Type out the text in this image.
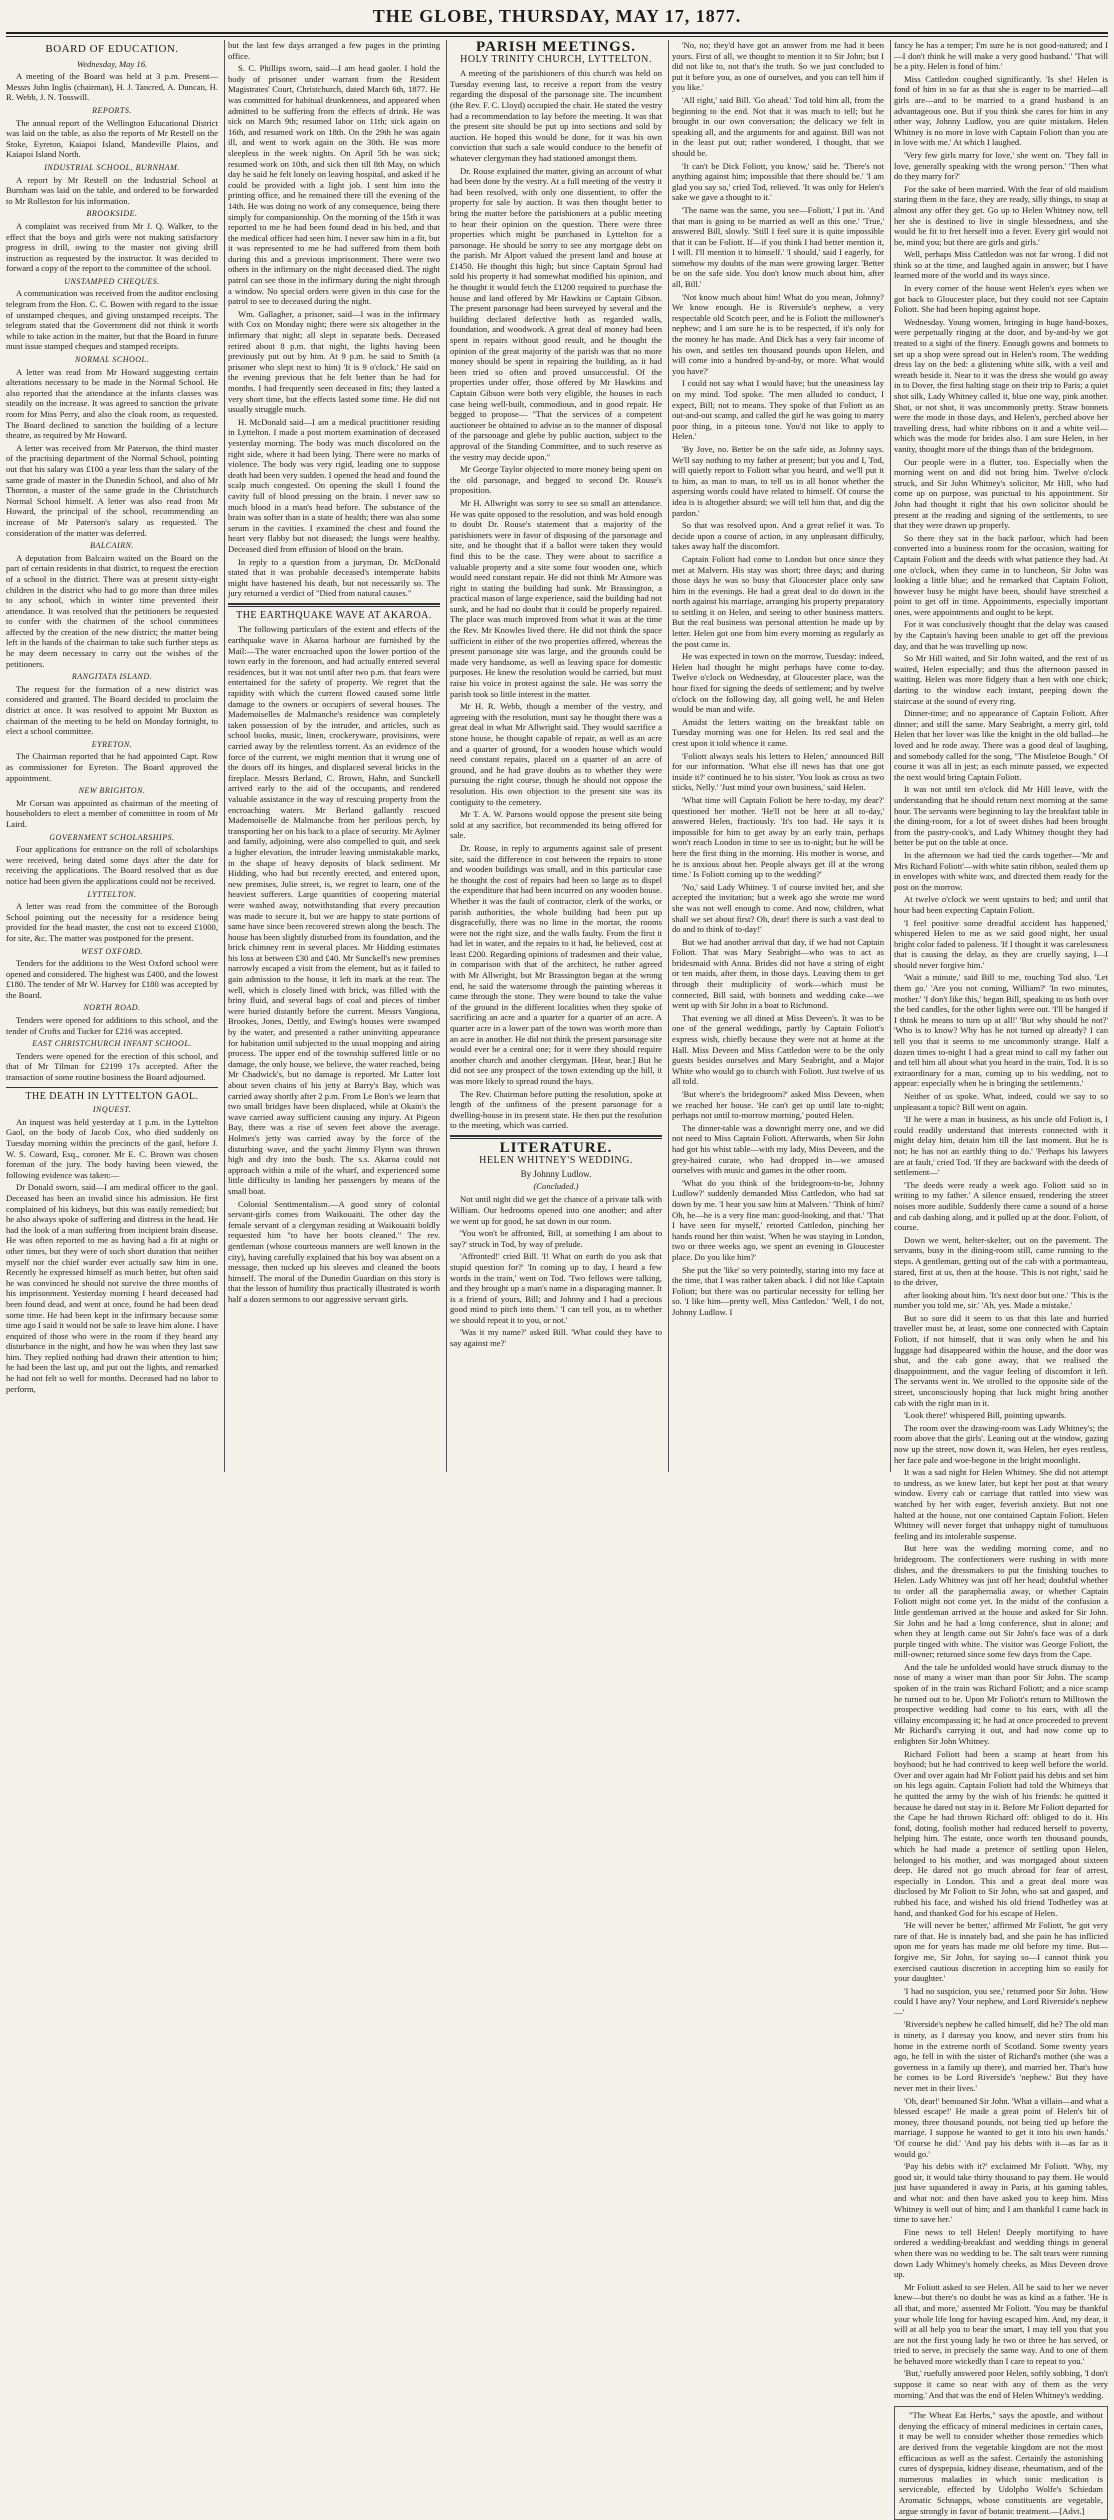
THE GLOBE, THURSDAY, MAY 17, 1877.
BOARD OF EDUCATION.
Wednesday, May 16.

A meeting of the Board was held at 3 p.m. Present—Messrs John Inglis (chairman), H. J. Tancred, A. Duncan, H. R. Webb, J. N. Tosswill.

REPORTS.

The annual report of the Wellington Educational District was laid on the table, as also the reports of Mr Restell on the Stoke, Eyreton, Kaiapoi Island, Mandeville Plains, and Kaiapoi Island North.

INDUSTRIAL SCHOOL, BURNHAM.

A report by Mr Restell on the Industrial School at Burnham was laid on the table, and ordered to be forwarded to Mr Rolleston for his information.

BROOKSIDE.

A complaint was received from Mr J. Q. Walker, to the effect that the boys and girls were not making satisfactory progress in drill, owing to the master not giving drill instruction as requested by the instructor. It was decided to forward a copy of the report to the committee of the school.

UNSTAMPED CHEQUES.

A communication was received from the auditor enclosing telegram from the Hon. C. C. Bowen with regard to the issue of unstamped cheques, and giving unstamped receipts. The telegram stated that the Government did not think it worth while to take action in the matter, but that the Board in future must issue stamped cheques and stamped receipts.

NORMAL SCHOOL.

A letter was read from Mr Howard suggesting certain alterations necessary to be made in the Normal School. He also reported that the attendance at the infants classes was steadily on the increase. It was agreed to sanction the private room for Miss Perry, and also the cloak room, as requested. The Board declined to sanction the building of a lecture theatre, as required by Mr Howard.

A letter was received from Mr Paterson, the third master of the practising department of the Normal School, pointing out that his salary was £100 a year less than the salary of the same grade of master in the Dunedin School, and also of Mr Thornton, a master of the same grade in the Christchurch Normal School himself. A letter was also read from Mr Howard, the principal of the school, recommending an increase of Mr Paterson's salary as requested. The consideration of the matter was deferred.

BALCAIRN.

A deputation from Balcairn waited on the Board on the part of certain residents in that district, to request the erection of a school in the district. There was at present sixty-eight children in the district who had to go more than three miles to any school, which in winter time prevented their attendance. It was resolved that the petitioners be requested to confer with the chairmen of the school committees affected by the creation of the new district; the matter being left in the hands of the chairman to take such further steps as he may deem necessary to carry out the wishes of the petitioners.

RANGITATA ISLAND.

The request for the formation of a new district was considered and granted. The Board decided to proclaim the district at once. It was resolved to appoint Mr Buxton as chairman of the meeting to be held on Monday fortnight, to elect a school committee.

EYRETON.

The Chairman reported that he had appointed Capt. Row as commissioner for Eyreton. The Board approved the appointment.

NEW BRIGHTON.

Mr Corsan was appointed as chairman of the meeting of householders to elect a member of committee in room of Mr Laird.

GOVERNMENT SCHOLARSHIPS.

Four applications for entrance on the roll of scholarships were received, being dated some days after the date for receiving the applications. The Board resolved that as due notice had been given the applications could not be received.

LYTTELTON.

A letter was read from the committee of the Borough School pointing out the necessity for a residence being provided for the head master, the cost not to exceed £1000, for site, &c. The matter was postponed for the present.

WEST OXFORD.

Tenders for the additions to the West Oxford school were opened and considered. The highest was £400, and the lowest £180. The tender of Mr W. Harvey for £180 was accepted by the Board.

NORTH ROAD.

Tenders were opened for additions to this school, and the tender of Crofts and Tucker for £216 was accepted.

EAST CHRISTCHURCH INFANT SCHOOL.

Tenders were opened for the erection of this school, and that of Mr Tilman for £2199 17s accepted. After the transaction of some routine business the Board adjourned.

THE DEATH IN LYTTELTON GAOL.
INQUEST.

An inquest was held yesterday at 1 p.m. in the Lyttelton Gaol, on the body of Jacob Cox, who died suddenly on Tuesday morning within the precincts of the gaol, before J. W. S. Coward, Esq., coroner. Mr E. C. Brown was chosen foreman of the jury. The body having been viewed, the following evidence was taken:—

Dr Donald sworn, said—I am medical officer to the gaol. Deceased has been an invalid since his admission. He first complained of his kidneys, but this was easily remedied; but he also always spoke of suffering and distress in the head. He had the look of a man suffering from incipient brain disease. He was often reported to me as having had a fit at night or other times, but they were of such short duration that neither myself nor the chief warder ever actually saw him in one. Recently he expressed himself as much better, but often said he was convinced he should not survive the three months of his imprisonment. Yesterday morning I heard deceased had been found dead, and went at once, found he had been dead some time. He had been kept in the infirmary because some time ago I said it would not be safe to leave him alone. I have enquired of those who were in the room if they heard any disturbance in the night, and how he was when they last saw him. They replied nothing had drawn their attention to him; he had been the last up, and put out the lights, and remarked he had not felt so well for months. Deceased had no labor to perform,

but the last few days arranged a few pages in the printing office.

S. C. Phillips sworn, said—I am head gaoler. I hold the body of prisoner under warrant from the Resident Magistrates' Court, Christchurch, dated March 6th, 1877. He was committed for habitual drunkenness, and appeared when admitted to be suffering from the effects of drink. He was sick on March 9th; resumed labor on 11th; sick again on 16th, and resumed work on 18th. On the 29th he was again ill, and went to work again on the 30th. He was more sleepless in the week nights. On April 5th he was sick; resumed work on 10th, and sick then till 8th May, on which day he said he felt lonely on leaving hospital, and asked if he could be provided with a light job. I sent him into the printing office, and he remained there till the evening of the 14th. He was doing no work of any consequence, being there simply for companionship. On the morning of the 15th it was reported to me he had been found dead in his bed, and that the medical officer had seen him. I never saw him in a fit, but it was represented to me he had suffered from them both during this and a previous imprisonment. There were two others in the infirmary on the night deceased died. The night patrol can see those in the infirmary during the night through a window. No special orders were given in this case for the patrol to see to deceased during the night.

Wm. Gallagher, a prisoner, said—I was in the infirmary with Cox on Monday night; there were six altogether in the infirmary that night; all slept in separate beds. Deceased retired about 8 p.m. that night, the lights having been previously put out by him. At 9 p.m. he said to Smith (a prisoner who slept next to him) 'It is 9 o'clock.' He said on the evening previous that he felt better than he had for months. I had frequently seen deceased in fits; they lasted a very short time, but the effects lasted some time. He did not usually struggle much.

H. McDonald said—I am a medical practitioner residing in Lyttelton. I made a post mortem examination of deceased yesterday morning. The body was much discolored on the right side, where it had been lying. There were no marks of violence. The body was very rigid, leading one to suppose death had been very sudden. I opened the head and found the scalp much congested. On opening the skull I found the cavity full of blood pressing on the brain. I never saw so much blood in a man's head before. The substance of the brain was softer than in a state of health; there was also some serum in the cavities. I examined the chest and found the heart very flabby but not diseased; the lungs were healthy. Deceased died from effusion of blood on the brain.

In reply to a question from a juryman, Dr. McDonald stated that it was probable deceased's intemperate habits might have hastened his death, but not necessarily so. The jury returned a verdict of "Died from natural causes."

THE EARTHQUAKE WAVE AT AKAROA.

The following particulars of the extent and effects of the earthquake wave in Akaroa harbour are furnished by the Mail:—The water encroached upon the lower portion of the town early in the forenoon, and had actually entered several residences, but it was not until after two p.m. that fears were entertained for the safety of property. We regret that the rapidity with which the current flowed caused some little damage to the owners or occupiers of several houses. The Mademoiselles de Malmanche's residence was completely taken possession of by the intruder, and articles, such as school books, music, linen, crockeryware, provisions, were carried away by the relentless torrent. As an evidence of the force of the current, we might mention that it wrung one of the doors off its hinges, and displaced several bricks in the fireplace. Messrs Berland, C. Brown, Hahn, and Sunckell arrived early to the aid of the occupants, and rendered valuable assistance in the way of rescuing property from the encroaching waters. Mr Berland gallantly rescued Mademoiselle de Malmanche from her perilous perch, by transporting her on his back to a place of security. Mr Aylmer and family, adjoining, were also compelled to quit, and seek a higher elevation, the intruder leaving unmistakable marks, in the shape of heavy deposits of black sediment. Mr Hidding, who had but recently erected, and entered upon, new premises, Julie street, is, we regret to learn, one of the heaviest sufferers. Large quantities of coopering material were washed away, notwithstanding that every precaution was made to secure it, but we are happy to state portions of same have since been recovered strewn along the beach. The house has been slightly disturbed from its foundation, and the brick chimney rent in several places. Mr Hidding estimates his loss at between £30 and £40. Mr Sunckell's new premises narrowly escaped a visit from the element, but as it failed to gain admission to the house, it left its mark at the rear. The well, which is closely lined with brick, was filled with the briny fluid, and several bags of coal and pieces of timber were buried distantly before the current. Messrs Vangiona, Brookes, Jones, Dettly, and Ewing's houses were swamped by the water, and presented a rather uninviting appearance for habitation until subjected to the usual mopping and airing process. The upper end of the township suffered little or no damage, the only house, we believe, the water reached, being Mr Chadwick's, but no damage is reported. Mr Latter lost about seven chains of his jetty at Barry's Bay, which was carried away shortly after 2 p.m. From Le Bon's we learn that two small bridges have been displaced, while at Okain's the wave carried away sufficient causing any injury. At Pigeon Bay, there was a rise of seven feet above the average. Holmes's jetty was carried away by the force of the disturbing wave, and the yacht Jimmy Flynn was thrown high and dry into the bush. The s.s. Akaroa could not approach within a mile of the wharf, and experienced some little difficulty in landing her passengers by means of the small boat.

Colonial Sentimentalism.—A good story of colonial servant-girls comes from Waikouaiti. The other day the female servant of a clergyman residing at Waikouaiti boldly requested him "to have her boots cleaned." The rev. gentleman (whose courteous manners are well known in the city), having carefully explained that his boy was absent on a message, then tucked up his sleeves and cleaned the boots himself. The moral of the Dunedin Guardian on this story is that the lesson of humility thus practically illustrated is worth half a dozen sermons to our aggressive servant girls.

PARISH MEETINGS.
HOLY TRINITY CHURCH, LYTTELTON.

A meeting of the parishioners of this church was held on Tuesday evening last, to receive a report from the vestry regarding the disposal of the parsonage site. The incumbent (the Rev. F. C. Lloyd) occupied the chair. He stated the vestry had a recommendation to lay before the meeting. It was that the present site should be put up into sections and sold by auction. He hoped this would be done, for it was his own conviction that such a sale would conduce to the benefit of whatever clergyman they had stationed amongst them.

Dr. Rouse explained the matter, giving an account of what had been done by the vestry. At a full meeting of the vestry it had been resolved, with only one dissentient, to offer the property for sale by auction. It was then thought better to bring the matter before the parishioners at a public meeting to hear their opinion on the question. There were three properties which might be purchased in Lyttelton for a parsonage. He should be sorry to see any mortgage debt on the parish. Mr Alport valued the present land and house at £1450. He thought this high; but since Captain Sproul had sold his property it had somewhat modified his opinion, and he thought it would fetch the £1200 required to purchase the house and land offered by Mr Hawkins or Captain Gibson. The present parsonage had been surveyed by several and the building declared defective both as regarded walls, foundation, and woodwork. A great deal of money had been spent in repairs without good result, and he thought the opinion of the great majority of the parish was that no more money should be spent in repairing the building, as it had been tried so often and proved unsuccessful. Of the properties under offer, those offered by Mr Hawkins and Captain Gibson were both very eligible, the houses in each case being well-built, commodious, and in good repair. He begged to propose— "That the services of a competent auctioneer be obtained to advise as to the manner of disposal of the parsonage and glebe by public auction, subject to the approval of the Standing Committee, and to such reserve as the vestry may decide upon."

Mr George Taylor objected to more money being spent on the old parsonage, and begged to second Dr. Rouse's proposition.

Mr H. Allwright was sorry to see so small an attendance. He was quite opposed to the resolution, and was bold enough to doubt Dr. Rouse's statement that a majority of the parishioners were in favor of disposing of the parsonage and site, and he thought that if a ballot were taken they would find this to be the case. They were about to sacrifice a valuable property and a site some four wooden one, which would need constant repair. He did not think Mr Atmore was right in stating the building had sunk. Mr Brassington, a practical mason of large experience, said the building had not sunk, and he had no doubt that it could be properly repaired. The place was much improved from what it was at the time the Rev. Mr Knowles lived there. He did not think the space sufficient in either of the two properties offered, whereas the present parsonage site was large, and the grounds could be made very handsome, as well as leaving space for domestic purposes. He knew the resolution would be carried, but must raise his voice in protest against the sale. He was sorry the parish took so little interest in the matter.

Mr H. R. Webb, though a member of the vestry, and agreeing with the resolution, must say he thought there was a great deal in what Mr Allwright said. They would sacrifice a stone house, he thought capable of repair, as well as an acre and a quarter of ground, for a wooden house which would need constant repairs, placed on a quarter of an acre of ground, and he had grave doubts as to whether they were pursuing the right course, though he should not oppose the resolution. His own objection to the present site was its contiguity to the cemetery.

Mr T. A. W. Parsons would oppose the present site being sold at any sacrifice, but recommended its being offered for sale.

Dr. Rouse, in reply to arguments against sale of present site, said the difference in cost between the repairs to stone and wooden buildings was small, and in this particular case he thought the cost of repairs had been so large as to dispel the expenditure that had been incurred on any wooden house. Whether it was the fault of contractor, clerk of the works, or parish authorities, the whole building had been put up disgracefully, there was no lime in the mortar, the rooms were not the right size, and the walls faulty. From the first it had let in water, and the repairs to it had, he believed, cost at least £200. Regarding opinions of tradesmen and their value, in comparison with that of the architect, he rather agreed with Mr Allwright, but Mr Brassington began at the wrong end, he said the watersome through the painting whereas it came through the stone. They were bound to take the value of the ground in the different localities when they spoke of sacrificing an acre and a quarter for a quarter of an acre. A quarter acre in a lower part of the town was worth more than an acre in another. He did not think the present parsonage site would ever be a central one; for it were they should require another church and another clergyman. [Hear, hear.] But he did not see any prospect of the town extending up the hill, it was more likely to spread round the bays.

The Rev. Chairman before putting the resolution, spoke at length of the unfitness of the present parsonage for a dwelling-house in its present state. He then put the resolution to the meeting, which was carried.

LITERATURE.
HELEN WHITNEY'S WEDDING.
By Johnny Ludlow.
(Concluded.)

Not until night did we get the chance of a private talk with William. Our bedrooms opened into one another; and after we went up for good, he sat down in our room.

'You won't be affronted, Bill, at something I am about to say?' struck in Tod, by way of prelude.

'Affronted!' cried Bill. 'I! What on earth do you ask that stupid question for?' 'In coming up to day, I heard a few words in the train,' went on Tod. 'Two fellows were talking, and they brought up a man's name in a disparaging manner. It is a friend of yours, Bill; and Johnny and I had a precious good mind to pitch into them.' 'I can tell you, as to whether we should repeat it to you, or not.'

'Was it my name?' asked Bill. 'What could they have to say against me?'

'No, no; they'd have got an answer from me had it been yours. First of all, we thought to mention it to Sir John; but I did not like to, not that's the truth. So we just concluded to put it before you, as one of ourselves, and you can tell him if you like.'

'All right,' said Bill. 'Go ahead.' Tod told him all, from the beginning to the end. Not that it was much to tell; but he brought in our own conversation; the delicacy we felt in speaking all, and the arguments for and against. Bill was not in the least put out; rather wondered, I thought, that we should be.

'It can't be Dick Foliott, you know,' said he. 'There's not anything against him; impossible that there should be.' 'I am glad you say so,' cried Tod, relieved. 'It was only for Helen's sake we gave a thought to it.'

'The name was the same, you see—Foliott,' I put in. 'And that man is going to be married as well as this one.' 'True,' answered Bill, slowly. 'Still I feel sure it is quite impossible that it can be Foliott. If—if you think I had better mention it, I will. I'll mention it to himself.' 'I should,' said I eagerly, for somehow my doubts of the man were growing larger. 'Better be on the safe side. You don't know much about him, after all, Bill.'

'Not know much about him! What do you mean, Johnny? We know enough. He is Riverside's nephew, a very respectable old Scotch peer, and he is Foliott the millowner's nephew; and I am sure he is to be respected, if it's only for the money he has made. And Dick has a very fair income of his own, and settles ten thousand pounds upon Helen, and will come into a hundred by-and-by, or more. What would you have?'

I could not say what I would have; but the uneasiness lay on my mind. Tod spoke. 'The men alluded to conduct, I expect, Bill; not to means. They spoke of that Foliott as an out-and-out scamp, and called the girl he was going to marry poor thing, in a piteous tone. You'd not like to apply to Helen.'

'By Jove, no. Better be on the safe side, as Johnny says. We'll say nothing to my father at present; but you and I, Tod, will quietly report to Foliott what you heard, and we'll put it to him, as man to man, to tell us in all honor whether the aspersing words could have related to himself. Of course the idea is is altogether absurd; we will tell him that, and dig the pardon.'

So that was resolved upon. And a great relief it was. To decide upon a course of action, in any unpleasant difficulty, takes away half the discomfort.

Captain Foliott had come to London but once since they met at Malvern. His stay was short; three days; and during those days he was so busy that Gloucester place only saw him in the evenings. He had a great deal to do down in the north against his marriage, arranging his property preparatory to settling it on Helen, and seeing to other business matters. But the real business was personal attention he made up by letter. Helen got one from him every morning as regularly as the post came in.

He was expected in town on the morrow, Tuesday: indeed, Helen had thought he might perhaps have come to-day. Twelve o'clock on Wednesday, at Gloucester place, was the hour fixed for signing the deeds of settlement; and by twelve o'clock on the following day, all going well, he and Helen would be man and wife.

Amidst the letters waiting on the breakfast table on Tuesday morning was one for Helen. Its red seal and the crest upon it told whence it came.

'Foliott always seals his letters to Helen,' announced Bill for our information. 'What else ill news has that one got inside it?' continued he to his sister. 'You look as cross as two sticks, Nelly.' 'Just mind your own business,' said Helen.

'What time will Captain Foliott be here to-day, my dear?' questioned her mother. 'He'll not be here at all to-day,' answered Helen, fractiously. 'It's too bad. He says it is impossible for him to get away by an early train, perhaps won't reach London in time to see us to-night; but he will be here the first thing in the morning. His mother is worse, and he is anxious about her. People always get ill at the wrong time.' Is Foliott coming up to the wedding?'

'No,' said Lady Whitney. 'I of course invited her, and she accepted the invitation; but a week ago she wrote me word she was not well enough to come. And now, children, what shall we set about first? Oh, dear! there is such a vast deal to do and to think of to-day!'

But we had another arrival that day, if we had not Captain Foliott. That was Mary Seabright—who was to act as bridesmaid with Anna. Brides did not have a string of eight or ten maids, after them, in those days. Leaving them to get through their multiplicity of work—which must be connected, Bill said, with bonnets and wedding cake—we went up with Sir John in a boat to Richmond.

That evening we all dined at Miss Deveen's. It was to be one of the general weddings, partly by Captain Foliott's express wish, chiefly because they were not at home at the Hall. Miss Deveen and Miss Cattledon were to be the only guests besides ourselves and Mary Seabright, and a Major White who would go to church with Foliott. Just twelve of us all told.

'But where's the bridegroom?' asked Miss Deveen, when we reached her house. 'He can't get up until late to-night; perhaps not until to-morrow morning,' pouted Helen.

The dinner-table was a downright merry one, and we did not need to Miss Captain Foliott. Afterwards, when Sir John had got his whist table—with my lady, Miss Deveen, and the grey-haired curate, who had dropped in—we amused ourselves with music and games in the other room.

'What do you think of the bridegroom-to-be, Johnny Ludlow?' suddenly demanded Miss Cattledon, who had sat down by me. 'I hear you saw him at Malvern.' 'Think of him? Oh, he—he is a very fine man: good-looking, and that.' 'That I have seen for myself,' retorted Cattledon, pinching her hands round her thin waist. 'When he was staying in London, two or three weeks ago, we spent an evening in Gloucester place. Do you like him?'

She put the 'like' so very pointedly, staring into my face at the time, that I was rather taken aback. I did not like Captain Foliott; but there was no particular necessity for telling her so. 'I like him—pretty well, Miss Cattledon.' 'Well, I do not, Johnny Ludlow. I

fancy he has a temper; I'm sure he is not good-natured; and I—I don't think he will make a very good husband.' 'That will be a pity. Helen is fond of him.'

Miss Cattledon coughed significantly. 'Is she! Helen is fond of him in so far as that she is eager to be married—all girls are—and to be married to a grand husband is an advantageous one. But if you think she cares for him in any other way, Johnny Ludlow, you are quite mistaken. Helen Whitney is no more in love with Captain Foliott than you are in love with me.' At which I laughed.

'Very few girls marry for love,' she went on. 'They fall in love, generally speaking with the wrong person.' 'Then what do they marry for?'

For the sake of been married. With the fear of old maidism staring them in the face, they are ready, silly things, to snap at almost any offer they get. Go up to Helen Whitney now, tell her she is destined to live in single blessedness, and she would be fit to fret herself into a fever. Every girl would not be, mind you; but there are girls and girls.'

Well, perhaps Miss Cattledon was not far wrong. I did not think so at the time, and laughed again in answer; but I have learned more of the world and its ways since.

In every corner of the house went Helen's eyes when we got back to Gloucester place, but they could not see Captain Foliott. She had been hoping against hope.

Wednesday. Young women, bringing in huge band-boxes, were perpetually ringing at the door, and by-and-by we got treated to a sight of the finery. Enough gowns and bonnets to set up a shop were spread out in Helen's room. The wedding dress lay on the bed: a glistening white silk, with a veil and wreath beside it. Near to it was the dress she would go away in to Dover, the first halting stage on their trip to Paris; a quiet shot silk, Lady Whitney called it, blue one way, pink another. Shot, or not shot, it was uncommonly pretty. Straw bonnets were the mode in those days, and Helen's, perched above her travelling dress, had white ribbons on it and a white veil—which was the mode for brides also. I am sure Helen, in her vanity, thought more of the things than of the bridegroom.

Our people were in a flutter, too. Especially when the morning went on and did not bring him. Twelve o'clock struck, and Sir John Whitney's solicitor, Mr Hill, who had come up on purpose, was punctual to his appointment. Sir John had thought it right that his own solicitor should be present at the reading and signing of the settlements, to see that they were drawn up properly.

So there they sat in the back parlour, which had been converted into a business room for the occasion, waiting for Captain Foliott and the deeds with what patience they had. At one o'clock, when they came in to luncheon, Sir John was looking a little blue; and he remarked that Captain Foliott, however busy he might have been, should have stretched a point to get off in time. Appointments, especially important ones, were appointments and ought to be kept.

For it was conclusively thought that the delay was caused by the Captain's having been unable to get off the previous day, and that he was travelling up now.

So Mr Hill waited, and Sir John waited, and the rest of us waited, Helen especially; and thus the afternoon passed in waiting. Helen was more fidgety than a hen with one chick; darting to the window each instant, peeping down the staircase at the sound of every ring.

Dinner-time; and no appearance of Captain Foliott. After dinner; and still the same. Mary Seabright, a merry girl, told Helen that her lover was like the knight in the old ballad—he loved and he rode away. There was a good deal of laughing, and somebody called for the song, "The Mistletoe Bough." Of course it was all in jest; as each minute passed, we expected the next would bring Captain Foliott.

It was not until ten o'clock did Mr Hill leave, with the understanding that he should return next morning at the same hour. The servants were beginning to lay the breakfast table in the dining-room, for a lot of sweet dishes had been brought from the pastry-cook's, and Lady Whitney thought they had better be put on the table at once.

In the afternoon we had tied the cards together—'Mr and Mrs Richard Foliott'—with white satin ribbon, sealed them up in envelopes with white wax, and directed them ready for the post on the morrow.

At twelve o'clock we went upstairs to bed; and until that hour had been expecting Captain Foliott.

'I feel positive some dreadful accident has happened,' whispered Helen to me as we said good night, her usual bright color faded to paleness. 'If I thought it was carelessness that is causing the delay, as they are cruelly saying, I—I should never forgive him.'

'Wait a minute,' said Bill to me, touching Tod also. 'Let them go.' 'Are you not coming, William?' 'In two minutes, mother.' 'I don't like this,' began Bill, speaking to us both over the bed candles, for the other lights were out. 'I'll be hanged if I think he means to turn up at all!' 'But why should he not?' 'Who is to know? Why has he not turned up already? I can tell you that it seems to me uncommonly strange. Half a dozen times to-night I had a great mind to call my father out and tell him all about what you heard in the train, Tod. It is so extraordinary for a man, coming up to his wedding, not to appear: especially when he is bringing the settlements.'

Neither of us spoke. What, indeed, could we say to so unpleasant a topic? Bill went on again.

'If he were a man in business, as his uncle old Foliott is, I could readily understand that interests connected with it might delay him, detain him till the last moment. But he is not; he has not an earthly thing to do.' 'Perhaps his lawyers are at fault,' cried Tod. 'If they are backward with the deeds of settlement—'

'The deeds were ready a week ago. Foliott said so in writing to my father.' A silence ensued, rendering the street noises more audible. Suddenly there came a sound of a horse and cab dashing along, and it pulled up at the door. Foliott, of course.

Down we went, helter-skelter, out on the pavement. The servants, busy in the dining-room still, came running to the steps. A gentleman, getting out of the cab with a portmanteau, stared, first at us, then at the house. 'This is not right,' said he to the driver,

after looking about him. 'It's next door but one.' 'This is the number you told me, sir.' 'Ah, yes. Made a mistake.'

But so sure did it seem to us that this late and hurried traveller must be, at least, some one connected with Captain Foliott, if not himself, that it was only when he and his luggage had disappeared within the house, and the door was shut, and the cab gone away, that we realised the disappointment, and the vague feeling of discomfort it left. The servants went in. We strolled to the opposite side of the street, unconsciously hoping that luck might bring another cab with the right man in it.

'Look there!' whispered Bill, pointing upwards.

The room over the drawing-room was Lady Whitney's; the room above that the girls'. Leaning out at the window, gazing now up the street, now down it, was Helen, her eyes restless, her face pale and woe-begone in the bright moonlight.

It was a sad night for Helen Whitney. She did not attempt to undress, as we knew later, but kept her post at that weary window. Every cab or carriage that rattled into view was watched by her with eager, feverish anxiety. But not one halted at the house, not one contained Captain Foliott. Helen Whitney will never forget that unhappy night of tumultuous feeling and its intolerable suspense.

But here was the wedding morning come, and no bridegroom. The confectioners were rushing in with more dishes, and the dressmakers to put the finishing touches to Helen. Lady Whitney was just off her head; doubtful whether to order all the paraphernalia away, or whether Captain Foliott might not come yet. In the midst of the confusion a little gentleman arrived at the house and asked for Sir John. Sir John and he had a long conference, shut in alone; and when they at length came out Sir John's face was of a dark purple tinged with white. The visitor was George Foliott, the mill-owner; returned since some few days from the Cape.

And the tale he unfolded would have struck dismay to the nose of many a wiser man than poor Sir John. The scamp spoken of in the train was Richard Foliott; and a nice scamp he turned out to be. Upon Mr Foliott's return to Milltown the prospective wedding had come to his ears, with all the villainy encompassing it; he had at once proceeded to prevent Mr Richard's carrying it out, and had now come up to enlighten Sir John Whitney.

Richard Foliott had been a scamp at heart from his boyhood; but he had contrived to keep well before the world. Over and over again had Mr Foliott paid his debts and set him on his legs again. Captain Foliott had told the Whitneys that he quitted the army by the wish of his friends: he quitted it because he dared not stay in it. Before Mr Foliott departed for the Cape he had thrown Richard off: obliged to do it. His fond, doting, foolish mother had reduced herself to poverty, helping him. The estate, once worth ten thousand pounds, which he had made a pretence of settling upon Helen, belonged to his mother, and was mortgaged about sixteen deep. He dared not go much abroad for fear of arrest, especially in London. This and a great deal more was disclosed by Mr Foliott to Sir John, who sat and gasped, and rubbed his face, and wished his old friend Todhetley was at hand, and thanked God for his escape of Helen.

'He will never be better,' affirmed Mr Foliott, 'he got very rare of that. He is innately bad, and she pain he has inflicted upon me for years has made me old before my time. But—forgive me, Sir John, for saying so—I cannot think you exercised cautious discretion in accepting him so easily for your daughter.'

'I had no suspicion, you see,' returned poor Sir John. 'How could I have any? Your nephew, and Lord Riverside's nephew—'

'Riverside's nephew he called himself, did he? The old man is ninety, as I daresay you know, and never stirs from his home in the extreme north of Scotland. Some twenty years ago, he fell in with the sister of Richard's mother (she was a governess in a family up there), and married her. That's how he comes to be Lord Riverside's 'nephew.' But they have never met in their lives.'

'Oh, dear!' bemoaned Sir John. 'What a villain—and what a blessed escape!' He made a great point of Helen's bit of money, three thousand pounds, not being tied up before the marriage. I suppose he wanted to get it into his own hands.' 'Of course he did.' 'And pay his debts with it—as far as it would go.'

'Pay his debts with it?' exclaimed Mr Foliott. 'Why, my good sir, it would take thirty thousand to pay them. He would just have squandered it away in Paris, at his gaming tables, and what not: and then have asked you to keep him. Miss Whitney is well out of him; and I am thankful I came back in time to save her.'

Fine news to tell Helen! Deeply mortifying to have ordered a wedding-breakfast and wedding things in general when there was no wedding to be. The salt tears were running down Lady Whitney's homely cheeks, as Miss Deveen drove up.

Mr Foliott asked to see Helen. All he said to her we never knew—but there's no doubt he was as kind as a father. 'He is all that, and more,' assented Mr Foliott. 'You may be thankful your whole life long for having escaped him. And, my dear, it will at all help you to bear the smart, I may tell you that you are not the first young lady he two or three he has served, or tried to serve, in precisely the same way. And to one of them he behaved more wickedly than I care to repeat to you.'

'But,' ruefully answered poor Helen, softly sobbing, 'I don't suppose it came so near with any of them as the very morning.' And that was the end of Helen Whitney's wedding.

"The Wheat Eat Herbs," says the apostle, and without denying the efficacy of mineral medicines in certain cases, it may be well to consider whether those remedies which are derived from the vegetable kingdom are not the most efficacious as well as the safest. Certainly the astonishing cures of dyspepsia, kidney disease, rheumatism, and of the numerous maladies in which tonic medication is serviceable, effected by Udolpho Wolfe's Schiedam Aromatic Schnapps, whose constituents are vegetable, argue strongly in favor of botanic treatment.—[Advt.]
